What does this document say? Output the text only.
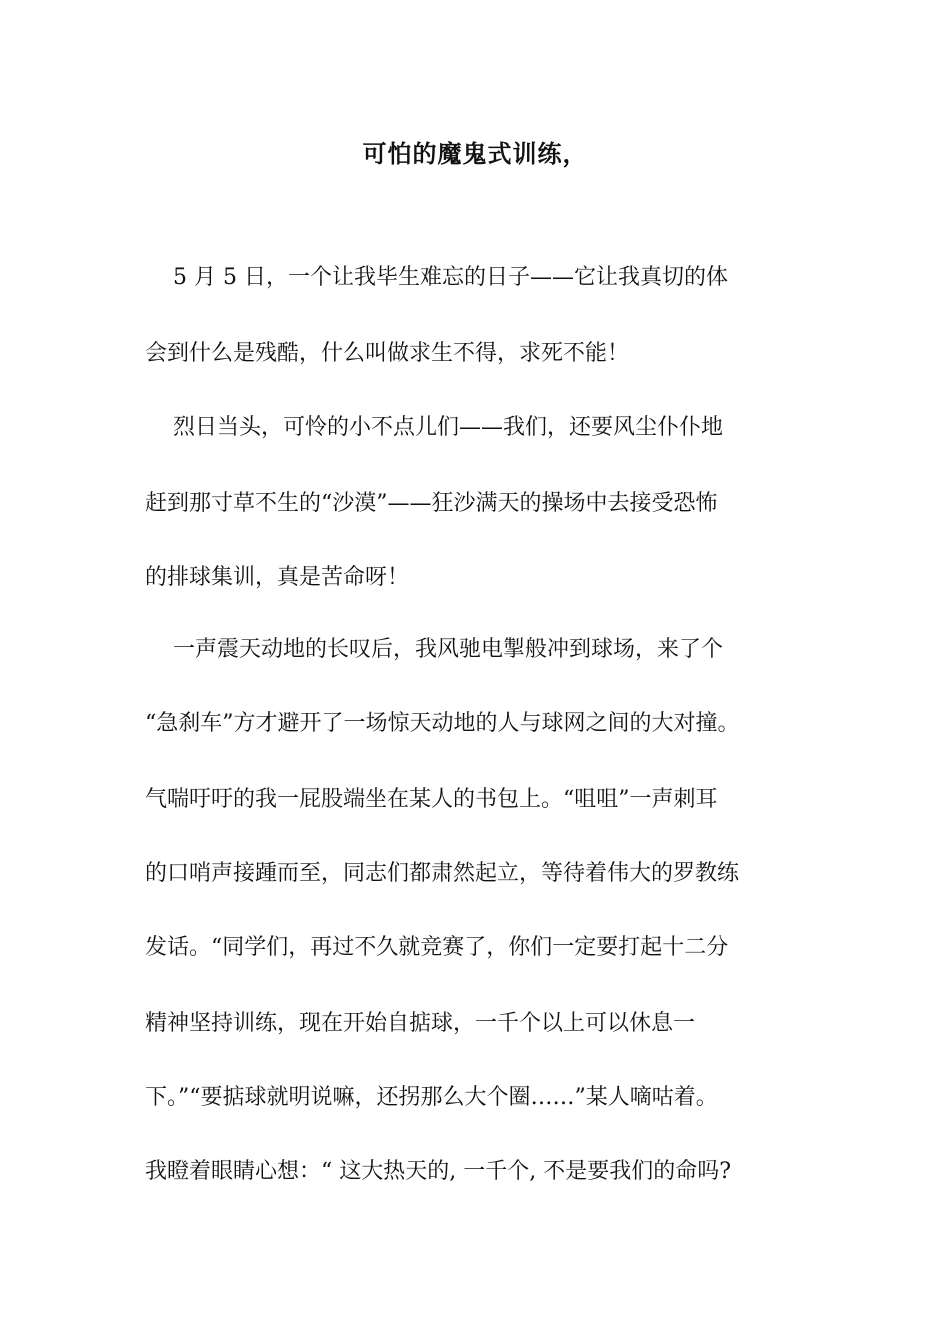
可怕的魔鬼式训练，
5 月 5 日，一个让我毕生难忘的日子——它让我真切的体
会到什么是残酷，什么叫做求生不得，求死不能！
烈日当头，可怜的小不点儿们——我们，还要风尘仆仆地
赶到那寸草不生的“沙漠”——狂沙满天的操场中去接受恐怖
的排球集训，真是苦命呀！
一声震天动地的长叹后，我风驰电掣般冲到球场，来了个
“急刹车”方才避开了一场惊天动地的人与球网之间的大对撞。
气喘吁吁的我一屁股端坐在某人的书包上。“咀咀”一声刺耳
的口哨声接踵而至，同志们都肃然起立，等待着伟大的罗教练
发话。“同学们，再过不久就竞赛了，你们一定要打起十二分
精神坚持训练，现在开始自掂球，一千个以上可以休息一
下。”“要掂球就明说嘛，还拐那么大个圈……”某人嘀咕着。
我瞪着眼睛心想：“ 这大热天的, 一千个, 不是要我们的命吗?
